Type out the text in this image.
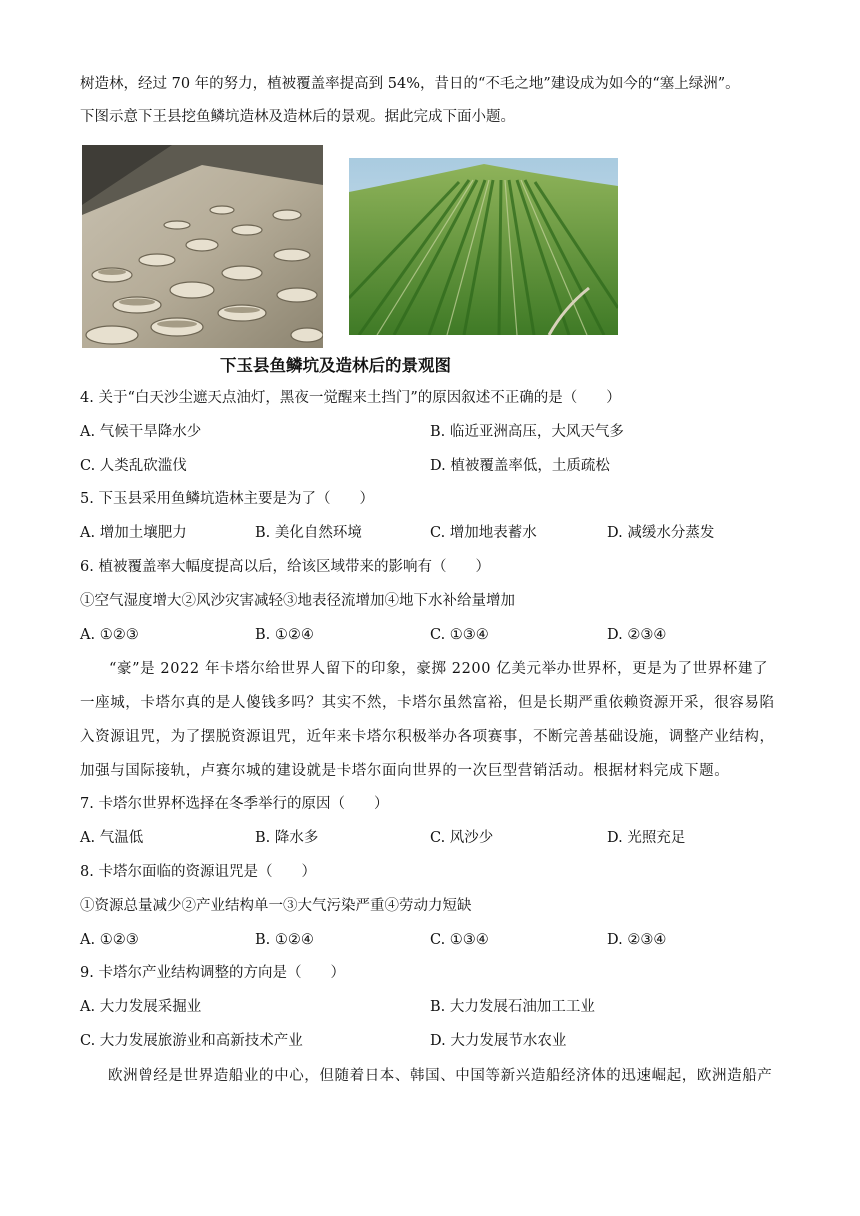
树造林，经过 70 年的努力，植被覆盖率提高到 54%，昔日的“不毛之地”建设成为如今的“塞上绿洲”。
下图示意下王县挖鱼鳞坑造林及造林后的景观。据此完成下面小题。
下玉县鱼鳞坑及造林后的景观图
4. 关于“白天沙尘遮天点油灯，黑夜一觉醒来土挡门”的原因叙述不正确的是（　　）
A. 气候干旱降水少	B. 临近亚洲高压，大风天气多
C. 人类乱砍滥伐	D. 植被覆盖率低，土质疏松
5. 下玉县采用鱼鳞坑造林主要是为了（　　）
A. 增加土壤肥力	B. 美化自然环境	C. 增加地表蓄水	D. 减缓水分蒸发
6. 植被覆盖率大幅度提高以后，给该区域带来的影响有（　　）
①空气湿度增大②风沙灾害减轻③地表径流增加④地下水补给量增加
A. ①②③	B. ①②④	C. ①③④	D. ②③④
“豪”是 2022 年卡塔尔给世界人留下的印象，豪掷 2200 亿美元举办世界杯，更是为了世界杯建了一座城，卡塔尔真的是人傻钱多吗？其实不然，卡塔尔虽然富裕，但是长期严重依赖资源开采，很容易陷入资源诅咒，为了摆脱资源诅咒，近年来卡塔尔积极举办各项赛事，不断完善基础设施，调整产业结构，加强与国际接轨，卢赛尔城的建设就是卡塔尔面向世界的一次巨型营销活动。根据材料完成下题。
7. 卡塔尔世界杯选择在冬季举行的原因（　　）
A. 气温低	B. 降水多	C. 风沙少	D. 光照充足
8. 卡塔尔面临的资源诅咒是（　　）
①资源总量减少②产业结构单一③大气污染严重④劳动力短缺
A. ①②③	B. ①②④	C. ①③④	D. ②③④
9. 卡塔尔产业结构调整的方向是（　　）
A. 大力发展采掘业	B. 大力发展石油加工工业
C. 大力发展旅游业和高新技术产业	D. 大力发展节水农业
欧洲曾经是世界造船业的中心，但随着日本、韩国、中国等新兴造船经济体的迅速崛起，欧洲造船产
